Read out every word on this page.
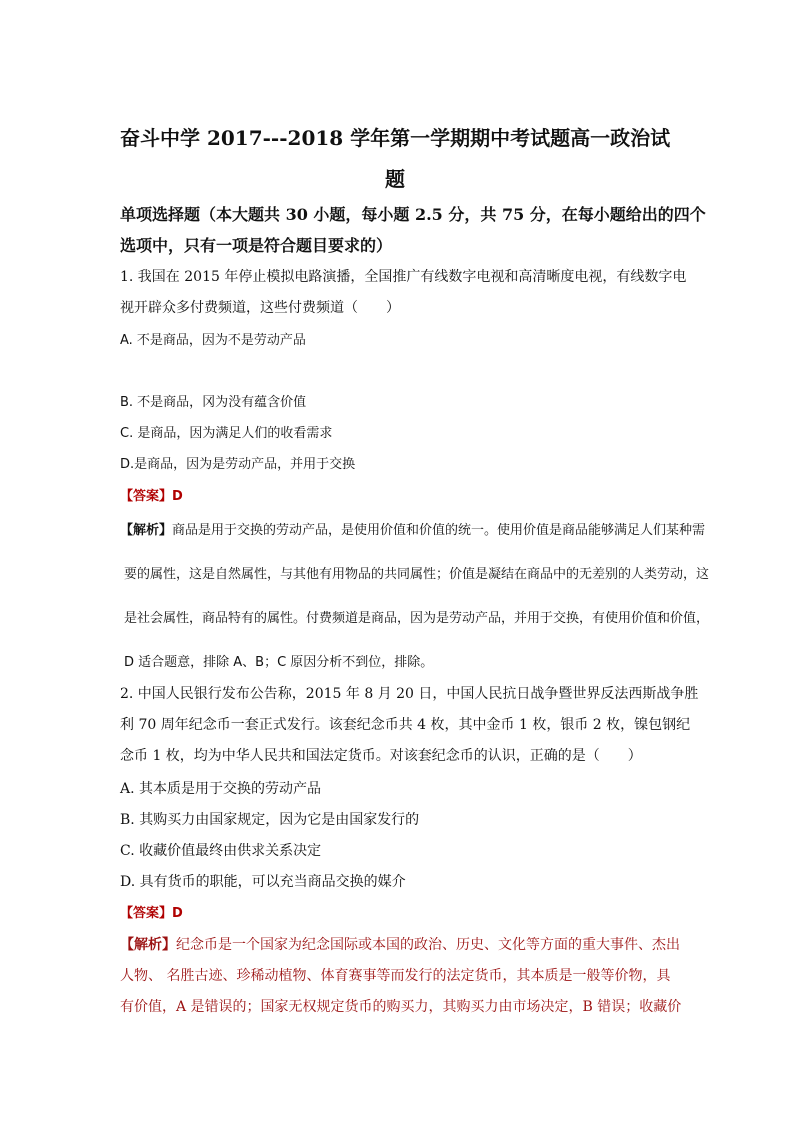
奋斗中学 2017---2018 学年第一学期期中考试题高一政治试
题
单项选择题（本大题共 30 小题，每小题 2.5 分，共 75 分，在每小题给出的四个
选项中，只有一项是符合题目要求的）
1. 我国在 2015 年停止模拟电路演播，全国推广有线数字电视和高清晰度电视，有线数字电
视开辟众多付费频道，这些付费频道（　　）
A. 不是商品，因为不是劳动产品
B. 不是商品，冈为没有蕴含价值
C. 是商品，因为满足人们的收看需求
D.是商品，因为是劳动产品，并用于交换
【答案】D
【解析】商品是用于交换的劳动产品，是使用价值和价值的统一。使用价值是商品能够满足人们某种需
要的属性，这是自然属性，与其他有用物品的共同属性；价值是凝结在商品中的无差别的人类劳动，这
是社会属性，商品特有的属性。付费频道是商品，因为是劳动产品，并用于交换，有使用价值和价值，
D 适合题意，排除 A、B；C 原因分析不到位，排除。
2. 中国人民银行发布公告称，2015 年 8 月 20 日，中国人民抗日战争暨世界反法西斯战争胜
利 70 周年纪念币一套正式发行。该套纪念币共 4 枚，其中金币 1 枚，银币 2 枚，镍包钢纪
念币 1 枚，均为中华人民共和国法定货币。对该套纪念币的认识，正确的是（　　）
A. 其本质是用于交换的劳动产品
B. 其购买力由国家规定，因为它是由国家发行的
C. 收藏价值最终由供求关系决定
D. 具有货币的职能，可以充当商品交换的媒介
【答案】D
【解析】纪念币是一个国家为纪念国际或本国的政治、历史、文化等方面的重大事件、杰出
人物、 名胜古迹、珍稀动植物、体育赛事等而发行的法定货币，其本质是一般等价物，具
有价值，A 是错误的；国家无权规定货币的购买力，其购买力由市场决定，B 错误；收藏价
